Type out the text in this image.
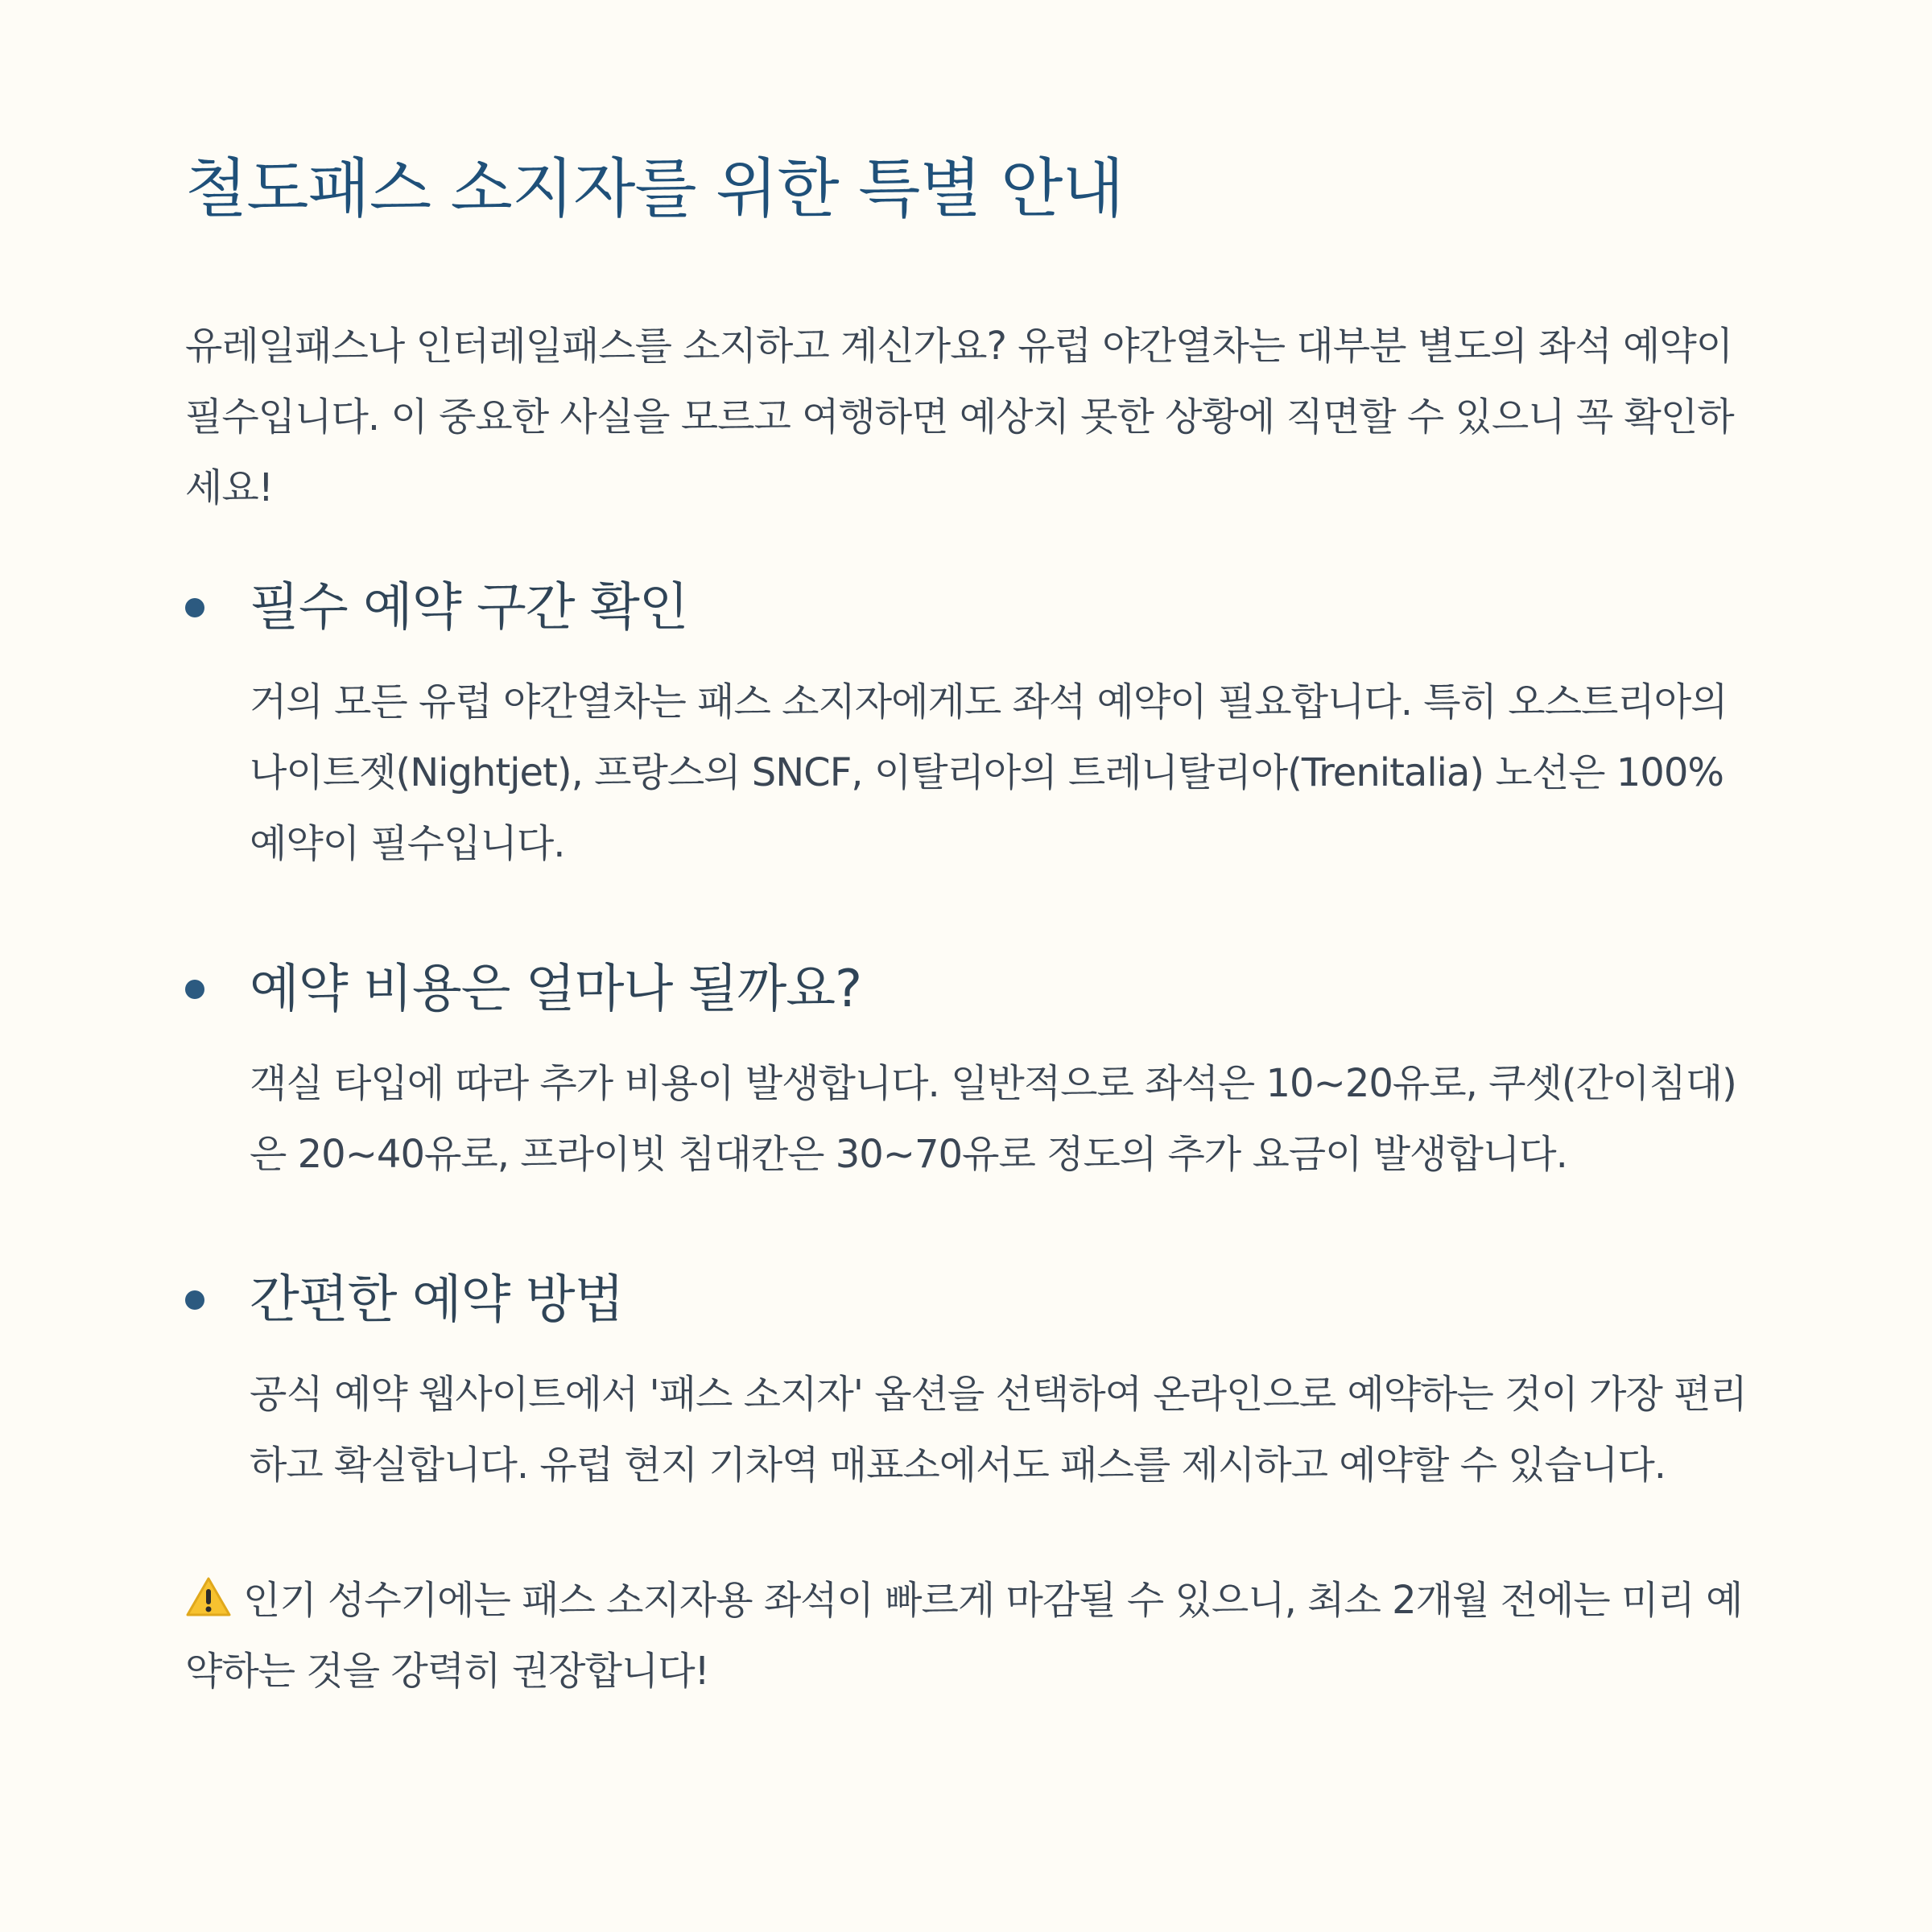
철도패스 소지자를 위한 특별 안내

유레일패스나 인터레일패스를 소지하고 계신가요? 유럽 야간열차는 대부분 별도의 좌석 예약이 필수입니다. 이 중요한 사실을 모르고 여행하면 예상치 못한 상황에 직면할 수 있으니 꼭 확인하세요!

필수 예약 구간 확인

거의 모든 유럽 야간열차는 패스 소지자에게도 좌석 예약이 필요합니다. 특히 오스트리아의 나이트젯(Nightjet), 프랑스의 SNCF, 이탈리아의 트레니탈리아(Trenitalia) 노선은 100% 예약이 필수입니다.

예약 비용은 얼마나 될까요?

객실 타입에 따라 추가 비용이 발생합니다. 일반적으로 좌석은 10~20유로, 쿠셋(간이침대)은 20~40유로, 프라이빗 침대칸은 30~70유로 정도의 추가 요금이 발생합니다.

간편한 예약 방법

공식 예약 웹사이트에서 '패스 소지자' 옵션을 선택하여 온라인으로 예약하는 것이 가장 편리하고 확실합니다. 유럽 현지 기차역 매표소에서도 패스를 제시하고 예약할 수 있습니다.

인기 성수기에는 패스 소지자용 좌석이 빠르게 마감될 수 있으니, 최소 2개월 전에는 미리 예약하는 것을 강력히 권장합니다!
